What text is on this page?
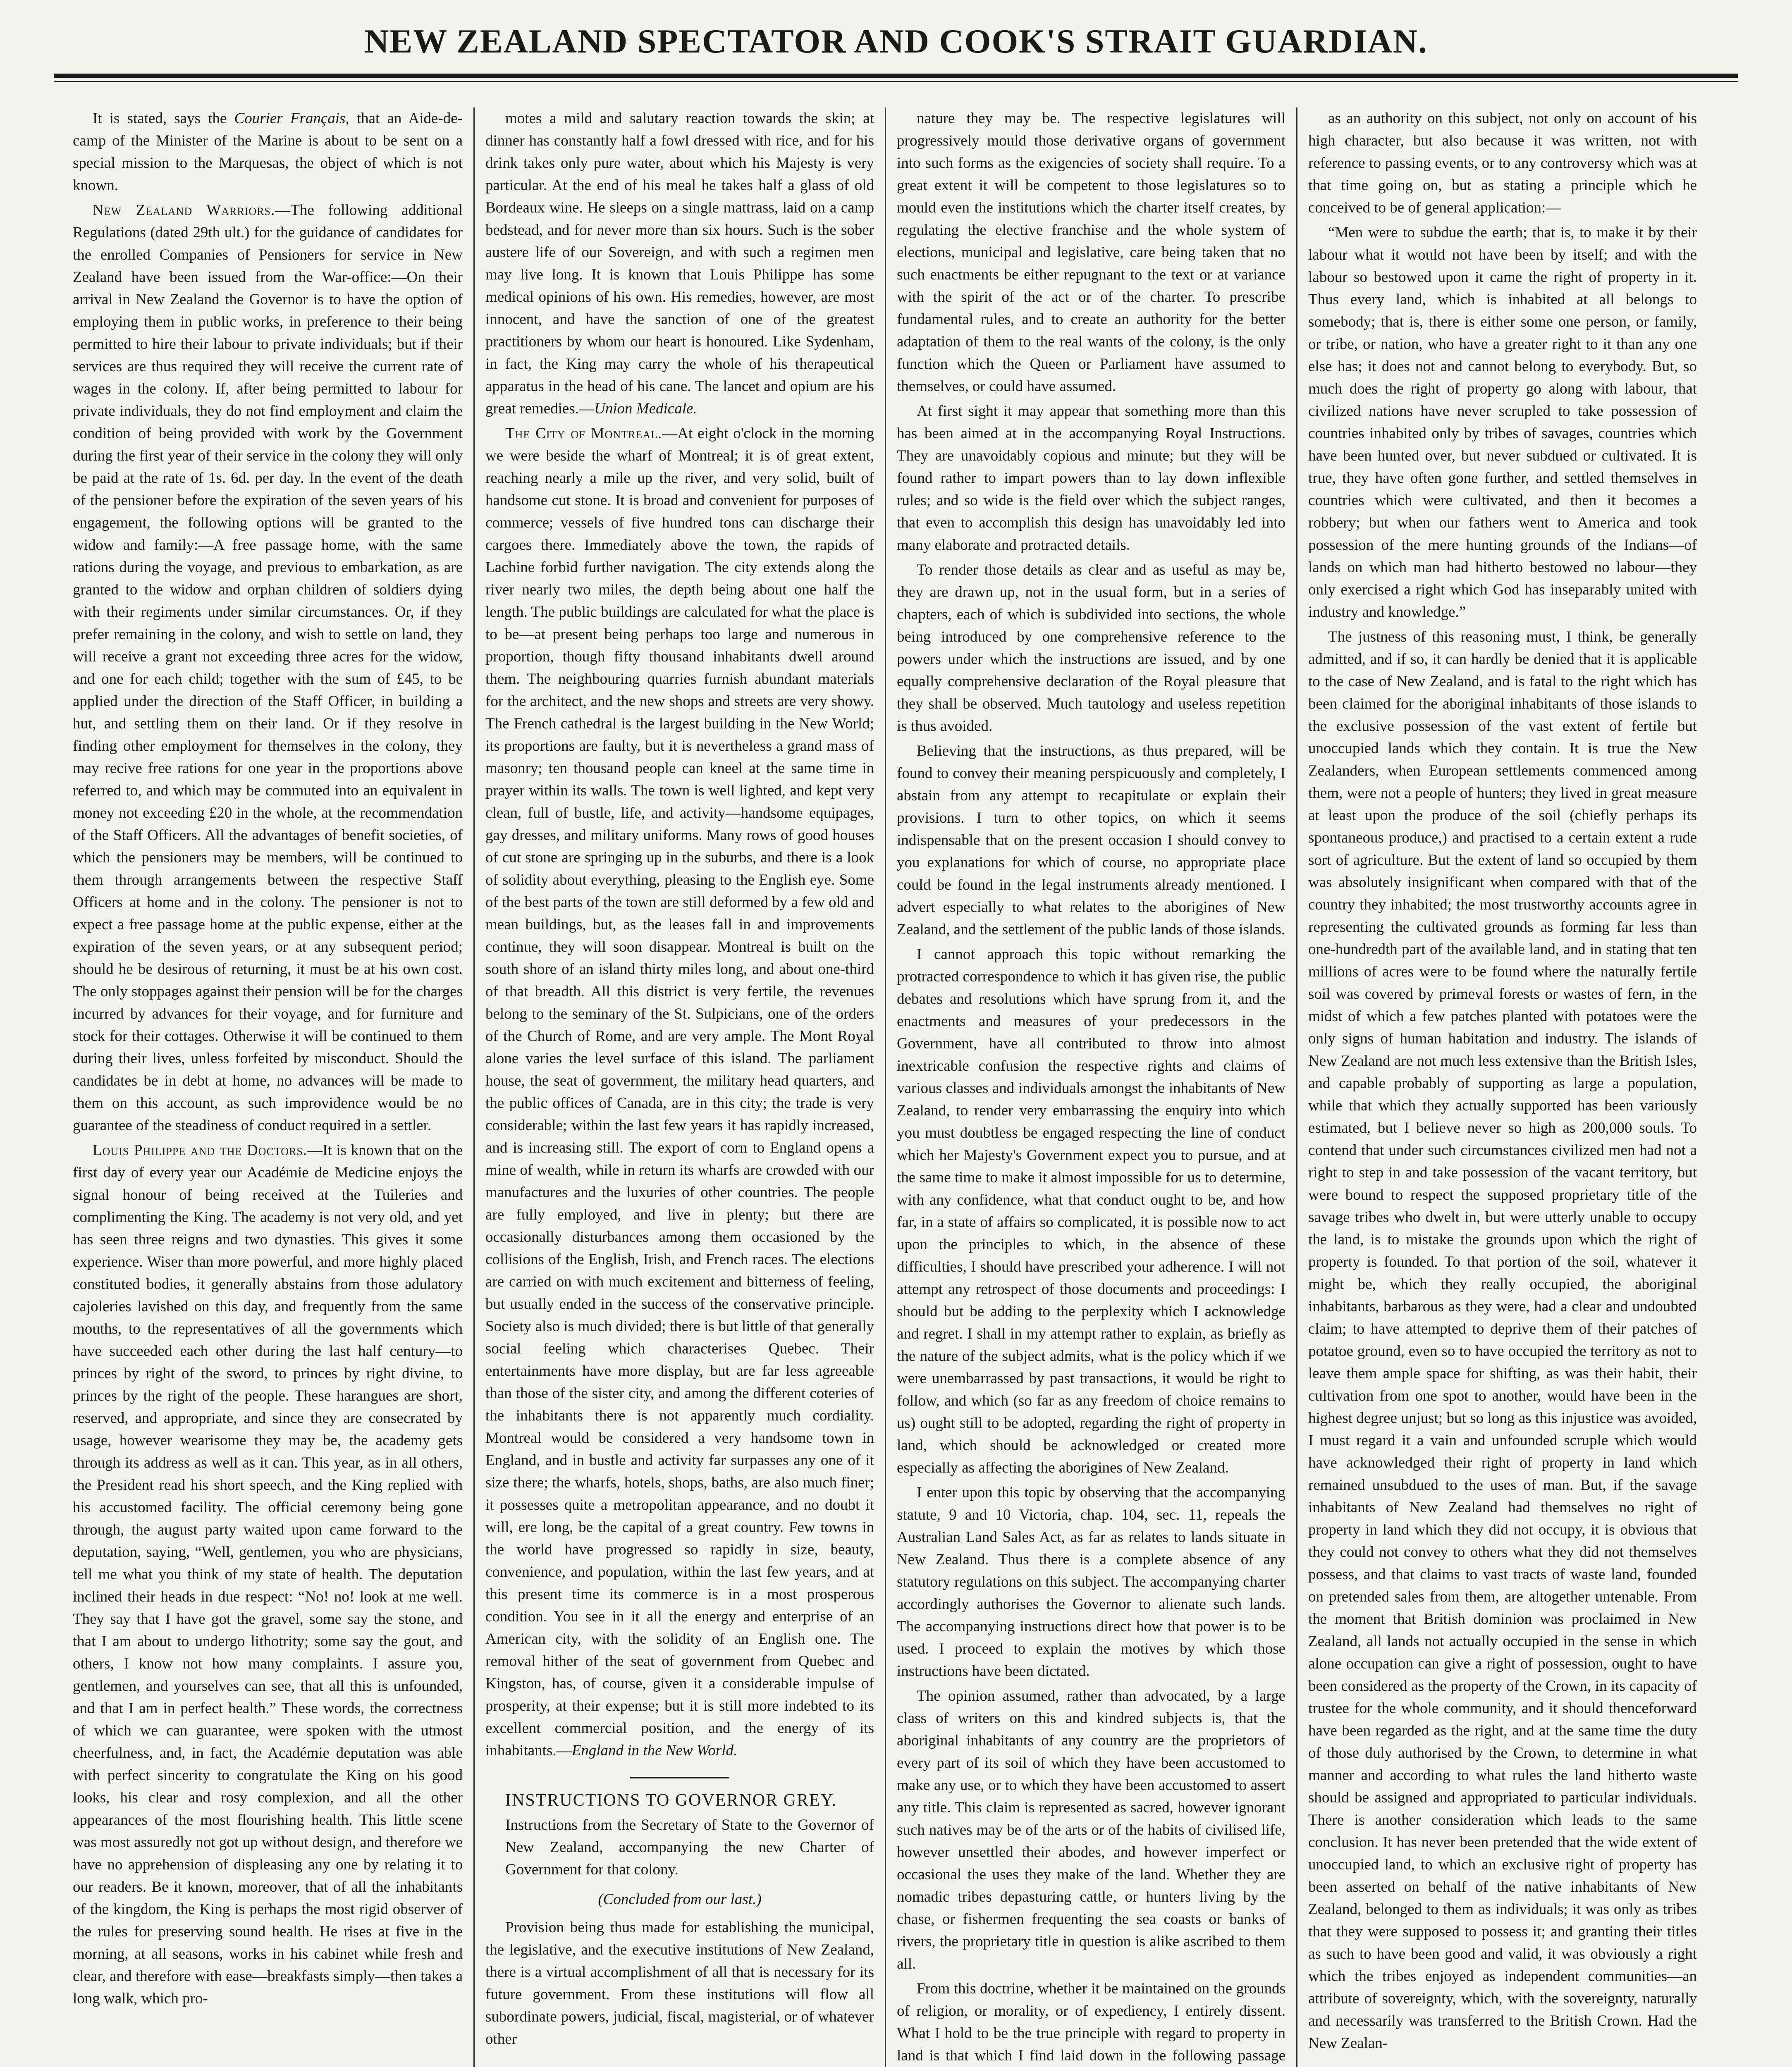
NEW ZEALAND SPECTATOR AND COOK'S STRAIT GUARDIAN.

It is stated, says the Courier Français, that an Aide-de-camp of the Minister of the Marine is about to be sent on a special mission to the Marquesas, the object of which is not known.

New Zealand Warriors.—The following additional Regulations (dated 29th ult.) for the guidance of candidates for the enrolled Companies of Pensioners for service in New Zealand have been issued from the War-office:—On their arrival in New Zealand the Governor is to have the option of employing them in public works, in preference to their being permitted to hire their labour to private individuals; but if their services are thus required they will receive the current rate of wages in the colony. If, after being permitted to labour for private individuals, they do not find employment and claim the condition of being provided with work by the Government during the first year of their service in the colony they will only be paid at the rate of 1s. 6d. per day. In the event of the death of the pensioner before the expiration of the seven years of his engagement, the following options will be granted to the widow and family:—A free passage home, with the same rations during the voyage, and previous to embarkation, as are granted to the widow and orphan children of soldiers dying with their regiments under similar circumstances. Or, if they prefer remaining in the colony, and wish to settle on land, they will receive a grant not exceeding three acres for the widow, and one for each child; together with the sum of £45, to be applied under the direction of the Staff Officer, in building a hut, and settling them on their land. Or if they resolve in finding other employment for themselves in the colony, they may recive free rations for one year in the proportions above referred to, and which may be commuted into an equivalent in money not exceeding £20 in the whole, at the recommendation of the Staff Officers. All the advantages of benefit societies, of which the pensioners may be members, will be continued to them through arrangements between the respective Staff Officers at home and in the colony. The pensioner is not to expect a free passage home at the public expense, either at the expiration of the seven years, or at any subsequent period; should he be desirous of returning, it must be at his own cost. The only stoppages against their pension will be for the charges incurred by advances for their voyage, and for furniture and stock for their cottages. Otherwise it will be continued to them during their lives, unless forfeited by misconduct. Should the candidates be in debt at home, no advances will be made to them on this account, as such improvidence would be no guarantee of the steadiness of conduct required in a settler.

Louis Philippe and the Doctors.—It is known that on the first day of every year our Académie de Medicine enjoys the signal honour of being received at the Tuileries and complimenting the King. The academy is not very old, and yet has seen three reigns and two dynasties. This gives it some experience. Wiser than more powerful, and more highly placed constituted bodies, it generally abstains from those adulatory cajoleries lavished on this day, and frequently from the same mouths, to the representatives of all the governments which have succeeded each other during the last half century—to princes by right of the sword, to princes by right divine, to princes by the right of the people. These harangues are short, reserved, and appropriate, and since they are consecrated by usage, however wearisome they may be, the academy gets through its address as well as it can. This year, as in all others, the President read his short speech, and the King replied with his accustomed facility. The official ceremony being gone through, the august party waited upon came forward to the deputation, saying, “Well, gentlemen, you who are physicians, tell me what you think of my state of health. The deputation inclined their heads in due respect: “No! no! look at me well. They say that I have got the gravel, some say the stone, and that I am about to undergo lithotrity; some say the gout, and others, I know not how many complaints. I assure you, gentlemen, and yourselves can see, that all this is unfounded, and that I am in perfect health.” These words, the correctness of which we can guarantee, were spoken with the utmost cheerfulness, and, in fact, the Académie deputation was able with perfect sincerity to congratulate the King on his good looks, his clear and rosy complexion, and all the other appearances of the most flourishing health. This little scene was most assuredly not got up without design, and therefore we have no apprehension of displeasing any one by relating it to our readers. Be it known, moreover, that of all the inhabitants of the kingdom, the King is perhaps the most rigid observer of the rules for preserving sound health. He rises at five in the morning, at all seasons, works in his cabinet while fresh and clear, and therefore with ease—breakfasts simply—then takes a long walk, which pro-

motes a mild and salutary reaction towards the skin; at dinner has constantly half a fowl dressed with rice, and for his drink takes only pure water, about which his Majesty is very particular. At the end of his meal he takes half a glass of old Bordeaux wine. He sleeps on a single mattrass, laid on a camp bedstead, and for never more than six hours. Such is the sober austere life of our Sovereign, and with such a regimen men may live long. It is known that Louis Philippe has some medical opinions of his own. His remedies, however, are most innocent, and have the sanction of one of the greatest practitioners by whom our heart is honoured. Like Sydenham, in fact, the King may carry the whole of his therapeutical apparatus in the head of his cane. The lancet and opium are his great remedies.—Union Medicale.

The City of Montreal.—At eight o'clock in the morning we were beside the wharf of Montreal; it is of great extent, reaching nearly a mile up the river, and very solid, built of handsome cut stone. It is broad and convenient for purposes of commerce; vessels of five hundred tons can discharge their cargoes there. Immediately above the town, the rapids of Lachine forbid further navigation. The city extends along the river nearly two miles, the depth being about one half the length. The public buildings are calculated for what the place is to be—at present being perhaps too large and numerous in proportion, though fifty thousand inhabitants dwell around them. The neighbouring quarries furnish abundant materials for the architect, and the new shops and streets are very showy. The French cathedral is the largest building in the New World; its proportions are faulty, but it is nevertheless a grand mass of masonry; ten thousand people can kneel at the same time in prayer within its walls. The town is well lighted, and kept very clean, full of bustle, life, and activity—handsome equipages, gay dresses, and military uniforms. Many rows of good houses of cut stone are springing up in the suburbs, and there is a look of solidity about everything, pleasing to the English eye. Some of the best parts of the town are still deformed by a few old and mean buildings, but, as the leases fall in and improvements continue, they will soon disappear. Montreal is built on the south shore of an island thirty miles long, and about one-third of that breadth. All this district is very fertile, the revenues belong to the seminary of the St. Sulpicians, one of the orders of the Church of Rome, and are very ample. The Mont Royal alone varies the level surface of this island. The parliament house, the seat of government, the military head quarters, and the public offices of Canada, are in this city; the trade is very considerable; within the last few years it has rapidly increased, and is increasing still. The export of corn to England opens a mine of wealth, while in return its wharfs are crowded with our manufactures and the luxuries of other countries. The people are fully employed, and live in plenty; but there are occasionally disturbances among them occasioned by the collisions of the English, Irish, and French races. The elections are carried on with much excitement and bitterness of feeling, but usually ended in the success of the conservative principle. Society also is much divided; there is but little of that generally social feeling which characterises Quebec. Their entertainments have more display, but are far less agreeable than those of the sister city, and among the different coteries of the inhabitants there is not apparently much cordiality. Montreal would be considered a very handsome town in England, and in bustle and activity far surpasses any one of it size there; the wharfs, hotels, shops, baths, are also much finer; it possesses quite a metropolitan appearance, and no doubt it will, ere long, be the capital of a great country. Few towns in the world have progressed so rapidly in size, beauty, convenience, and population, within the last few years, and at this present time its commerce is in a most prosperous condition. You see in it all the energy and enterprise of an American city, with the solidity of an English one. The removal hither of the seat of government from Quebec and Kingston, has, of course, given it a considerable impulse of prosperity, at their expense; but it is still more indebted to its excellent commercial position, and the energy of its inhabitants.—England in the New World.

INSTRUCTIONS TO GOVERNOR GREY.

Instructions from the Secretary of State to the Governor of New Zealand, accompanying the new Charter of Government for that colony.

(Concluded from our last.)

Provision being thus made for establishing the municipal, the legislative, and the executive institutions of New Zealand, there is a virtual accomplishment of all that is necessary for its future government. From these institutions will flow all subordinate powers, judicial, fiscal, magisterial, or of whatever other

nature they may be. The respective legislatures will progressively mould those derivative organs of government into such forms as the exigencies of society shall require. To a great extent it will be competent to those legislatures so to mould even the institutions which the charter itself creates, by regulating the elective franchise and the whole system of elections, municipal and legislative, care being taken that no such enactments be either repugnant to the text or at variance with the spirit of the act or of the charter. To prescribe fundamental rules, and to create an authority for the better adaptation of them to the real wants of the colony, is the only function which the Queen or Parliament have assumed to themselves, or could have assumed.

At first sight it may appear that something more than this has been aimed at in the accompanying Royal Instructions. They are unavoidably copious and minute; but they will be found rather to impart powers than to lay down inflexible rules; and so wide is the field over which the subject ranges, that even to accomplish this design has unavoidably led into many elaborate and protracted details.

To render those details as clear and as useful as may be, they are drawn up, not in the usual form, but in a series of chapters, each of which is subdivided into sections, the whole being introduced by one comprehensive reference to the powers under which the instructions are issued, and by one equally comprehensive declaration of the Royal pleasure that they shall be observed. Much tautology and useless repetition is thus avoided.

Believing that the instructions, as thus prepared, will be found to convey their meaning perspicuously and completely, I abstain from any attempt to recapitulate or explain their provisions. I turn to other topics, on which it seems indispensable that on the present occasion I should convey to you explanations for which of course, no appropriate place could be found in the legal instruments already mentioned. I advert especially to what relates to the aborigines of New Zealand, and the settlement of the public lands of those islands.

I cannot approach this topic without remarking the protracted correspondence to which it has given rise, the public debates and resolutions which have sprung from it, and the enactments and measures of your predecessors in the Government, have all contributed to throw into almost inextricable confusion the respective rights and claims of various classes and individuals amongst the inhabitants of New Zealand, to render very embarrassing the enquiry into which you must doubtless be engaged respecting the line of conduct which her Majesty's Government expect you to pursue, and at the same time to make it almost impossible for us to determine, with any confidence, what that conduct ought to be, and how far, in a state of affairs so complicated, it is possible now to act upon the principles to which, in the absence of these difficulties, I should have prescribed your adherence. I will not attempt any retrospect of those documents and proceedings: I should but be adding to the perplexity which I acknowledge and regret. I shall in my attempt rather to explain, as briefly as the nature of the subject admits, what is the policy which if we were unembarrassed by past transactions, it would be right to follow, and which (so far as any freedom of choice remains to us) ought still to be adopted, regarding the right of property in land, which should be acknowledged or created more especially as affecting the aborigines of New Zealand.

I enter upon this topic by observing that the accompanying statute, 9 and 10 Victoria, chap. 104, sec. 11, repeals the Australian Land Sales Act, as far as relates to lands situate in New Zealand. Thus there is a complete absence of any statutory regulations on this subject. The accompanying charter accordingly authorises the Governor to alienate such lands. The accompanying instructions direct how that power is to be used. I proceed to explain the motives by which those instructions have been dictated.

The opinion assumed, rather than advocated, by a large class of writers on this and kindred subjects is, that the aboriginal inhabitants of any country are the proprietors of every part of its soil of which they have been accustomed to make any use, or to which they have been accustomed to assert any title. This claim is represented as sacred, however ignorant such natives may be of the arts or of the habits of civilised life, however unsettled their abodes, and however imperfect or occasional the uses they make of the land. Whether they are nomadic tribes depasturing cattle, or hunters living by the chase, or fishermen frequenting the sea coasts or banks of rivers, the proprietary title in question is alike ascribed to them all.

From this doctrine, whether it be maintained on the grounds of religion, or morality, or of expediency, I entirely dissent. What I hold to be the true principle with regard to property in land is that which I find laid down in the following passage

as an authority on this subject, not only on account of his high character, but also because it was written, not with reference to passing events, or to any controversy which was at that time going on, but as stating a principle which he conceived to be of general application:—

“Men were to subdue the earth; that is, to make it by their labour what it would not have been by itself; and with the labour so bestowed upon it came the right of property in it. Thus every land, which is inhabited at all belongs to somebody; that is, there is either some one person, or family, or tribe, or nation, who have a greater right to it than any one else has; it does not and cannot belong to everybody. But, so much does the right of property go along with labour, that civilized nations have never scrupled to take possession of countries inhabited only by tribes of savages, countries which have been hunted over, but never subdued or cultivated. It is true, they have often gone further, and settled themselves in countries which were cultivated, and then it becomes a robbery; but when our fathers went to America and took possession of the mere hunting grounds of the Indians—of lands on which man had hitherto bestowed no labour—they only exercised a right which God has inseparably united with industry and knowledge.”

The justness of this reasoning must, I think, be generally admitted, and if so, it can hardly be denied that it is applicable to the case of New Zealand, and is fatal to the right which has been claimed for the aboriginal inhabitants of those islands to the exclusive possession of the vast extent of fertile but unoccupied lands which they contain. It is true the New Zealanders, when European settlements commenced among them, were not a people of hunters; they lived in great measure at least upon the produce of the soil (chiefly perhaps its spontaneous produce,) and practised to a certain extent a rude sort of agriculture. But the extent of land so occupied by them was absolutely insignificant when compared with that of the country they inhabited; the most trustworthy accounts agree in representing the cultivated grounds as forming far less than one-hundredth part of the available land, and in stating that ten millions of acres were to be found where the naturally fertile soil was covered by primeval forests or wastes of fern, in the midst of which a few patches planted with potatoes were the only signs of human habitation and industry. The islands of New Zealand are not much less extensive than the British Isles, and capable probably of supporting as large a population, while that which they actually supported has been variously estimated, but I believe never so high as 200,000 souls. To contend that under such circumstances civilized men had not a right to step in and take possession of the vacant territory, but were bound to respect the supposed proprietary title of the savage tribes who dwelt in, but were utterly unable to occupy the land, is to mistake the grounds upon which the right of property is founded. To that portion of the soil, whatever it might be, which they really occupied, the aboriginal inhabitants, barbarous as they were, had a clear and undoubted claim; to have attempted to deprive them of their patches of potatoe ground, even so to have occupied the territory as not to leave them ample space for shifting, as was their habit, their cultivation from one spot to another, would have been in the highest degree unjust; but so long as this injustice was avoided, I must regard it a vain and unfounded scruple which would have acknowledged their right of property in land which remained unsubdued to the uses of man. But, if the savage inhabitants of New Zealand had themselves no right of property in land which they did not occupy, it is obvious that they could not convey to others what they did not themselves possess, and that claims to vast tracts of waste land, founded on pretended sales from them, are altogether untenable. From the moment that British dominion was proclaimed in New Zealand, all lands not actually occupied in the sense in which alone occupation can give a right of possession, ought to have been considered as the property of the Crown, in its capacity of trustee for the whole community, and it should thenceforward have been regarded as the right, and at the same time the duty of those duly authorised by the Crown, to determine in what manner and according to what rules the land hitherto waste should be assigned and appropriated to particular individuals. There is another consideration which leads to the same conclusion. It has never been pretended that the wide extent of unoccupied land, to which an exclusive right of property has been asserted on behalf of the native inhabitants of New Zealand, belonged to them as individuals; it was only as tribes that they were supposed to possess it; and granting their titles as such to have been good and valid, it was obviously a right which the tribes enjoyed as independent communities—an attribute of sovereignty, which, with the sovereignty, naturally and necessarily was transferred to the British Crown. Had the New Zealan-
